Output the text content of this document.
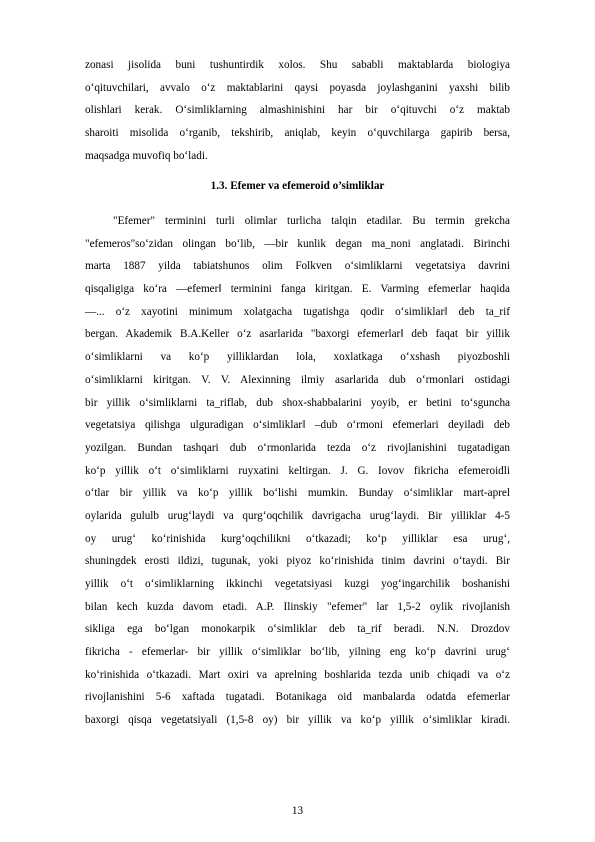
zonasi jisolida buni tushuntirdik xolos. Shu sababli maktablarda biologiya
o‘qituvchilari, avvalo o‘z maktablarini qaysi poyasda joylashganini yaxshi bilib
olishlari kerak. O‘simliklarning almashinishini har bir o‘qituvchi o‘z maktab
sharoiti misolida o‘rganib, tekshirib, aniqlab, keyin o‘quvchilarga gapirib bersa,
maqsadga muvofiq bo‘ladi.
1.3. Efemer va efemeroid o’simliklar
"Efemer" terminini turli olimlar turlicha talqin etadilar. Bu termin grekcha
"efemeros"so‘zidan olingan bo‘lib, ―bir kunlik degan ma_noni anglatadi. Birinchi
marta 1887 yilda tabiatshunos olim Folkven o‘simliklarni vegetatsiya davrini
qisqaligiga ko‘ra ―efemer‖ terminini fanga kiritgan. E. Varming efemerlar haqida
―... o‘z xayotini minimum xolatgacha tugatishga qodir o‘simliklar‖ deb ta_rif
bergan. Akademik B.A.Keller o‘z asarlarida "baxorgi efemerlar‖ deb faqat bir yillik
o‘simliklarni va ko‘p yilliklardan lola, xoxlatkaga o‘xshash piyozboshli
o‘simliklarni kiritgan. V. V. Alexinning ilmiy asarlarida dub o‘rmonlari ostidagi
bir yillik o‘simliklarni ta_riflab, dub shox-shabbalarini yoyib, er betini to‘sguncha
vegetatsiya qilishga ulguradigan o‘simliklar‖ –dub o‘rmoni efemerlari deyiladi deb
yozilgan. Bundan tashqari dub o‘rmonlarida tezda o‘z rivojlanishini tugatadigan
ko‘p yillik o‘t o‘simliklarni ruyxatini keltirgan. J. G. Iovov fikricha efemeroidli
o‘tlar bir yillik va ko‘p yillik bo‘lishi mumkin. Bunday o‘simliklar mart-aprel
oylarida gululb urug‘laydi va qurg‘oqchilik davrigacha urug‘laydi. Bir yilliklar 4-5
oy urug‘ ko‘rinishida kurg‘oqchilikni o‘tkazadi; ko‘p yilliklar esa urug‘,
shuningdek erosti ildizi, tugunak, yoki piyoz ko‘rinishida tinim davrini o‘taydi. Bir
yillik o‘t o‘simliklarning ikkinchi vegetatsiyasi kuzgi yog‘ingarchilik boshanishi
bilan kech kuzda davom etadi. A.P. Ilinskiy "efemer" lar 1,5-2 oylik rivojlanish
sikliga ega bo‘lgan monokarpik o‘simliklar deb ta_rif beradi. N.N. Drozdov
fikricha - efemerlar- bir yillik o‘simliklar bo‘lib, yilning eng ko‘p davrini urug‘
ko‘rinishida o‘tkazadi. Mart oxiri va aprelning boshlarida tezda unib chiqadi va o‘z
rivojlanishini 5-6 xaftada tugatadi. Botanikaga oid manbalarda odatda efemerlar
baxorgi qisqa vegetatsiyali (1,5-8 oy) bir yillik va ko‘p yillik o‘simliklar kiradi.
13
